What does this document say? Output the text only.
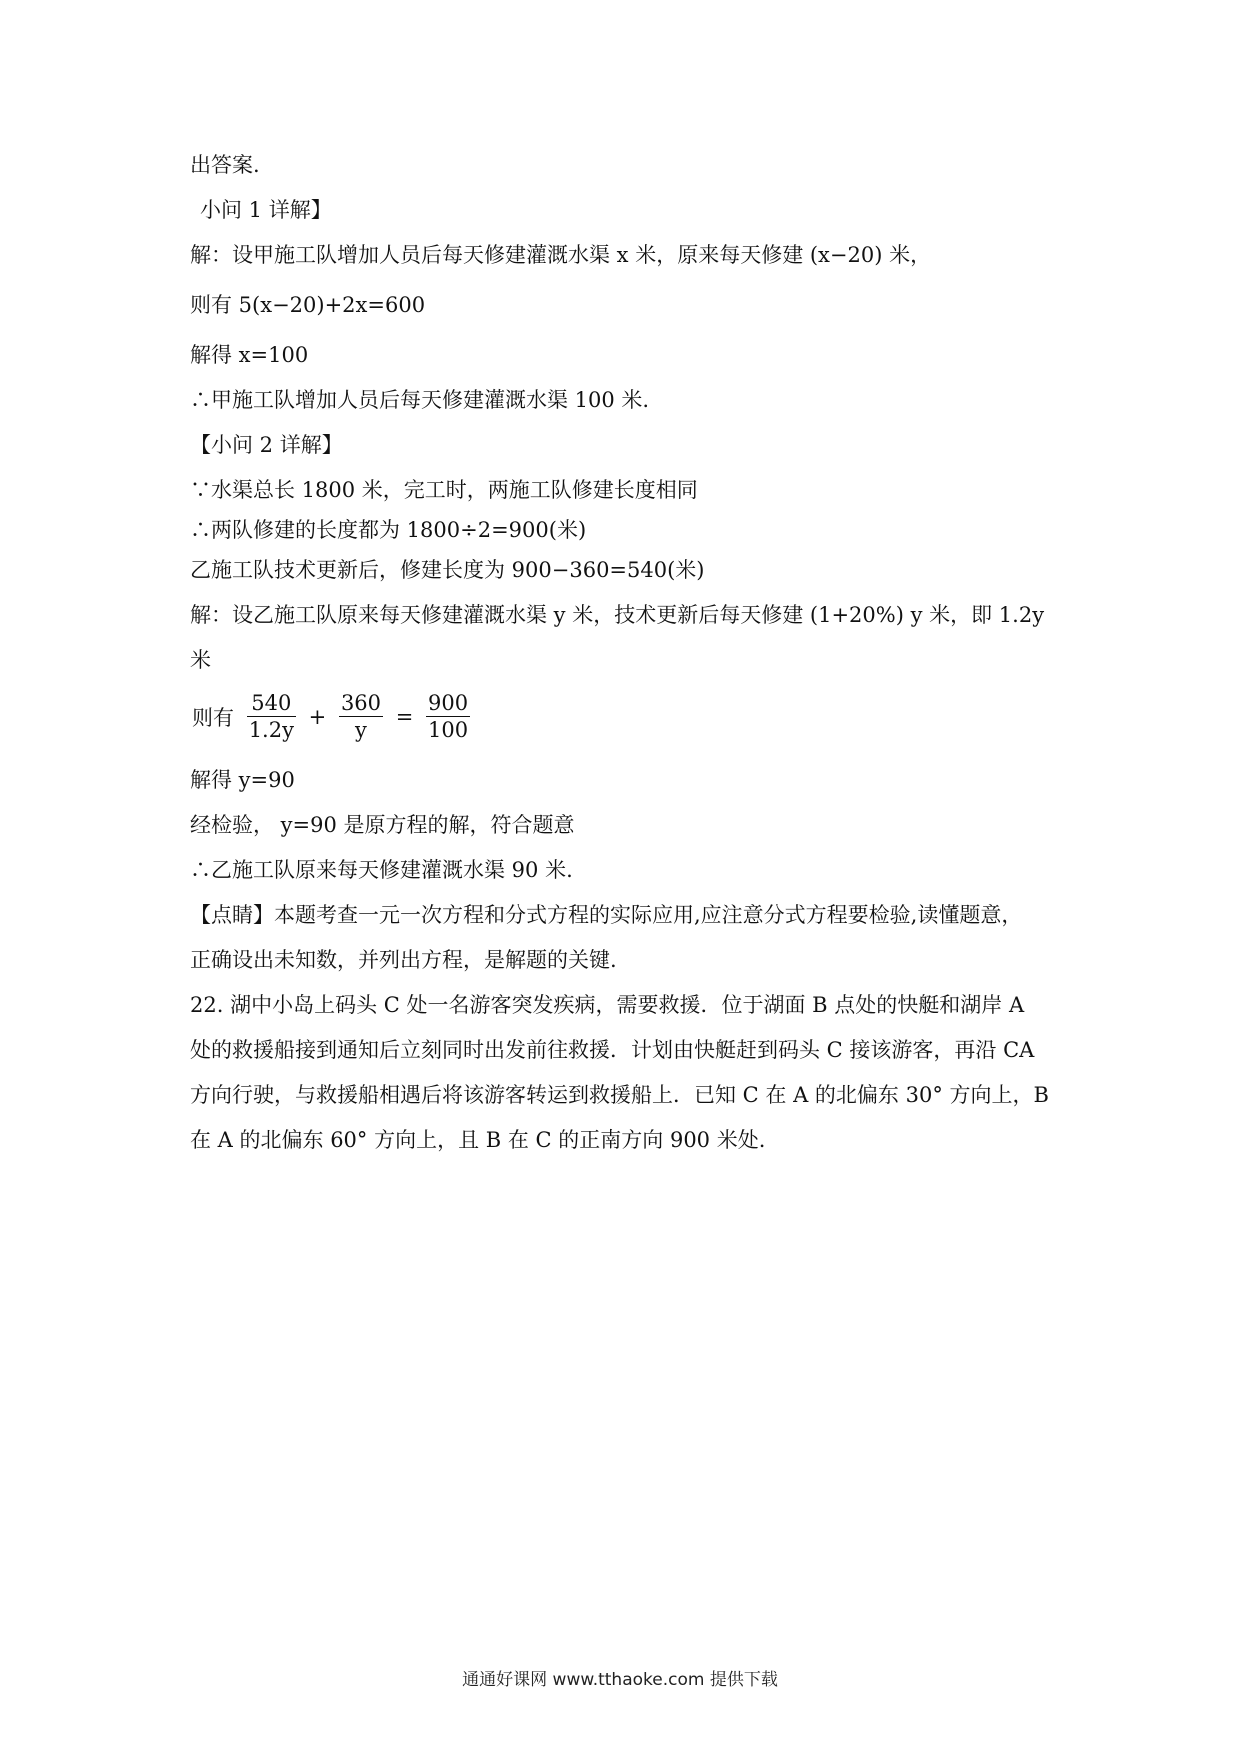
出答案.
小问 1 详解】
解：设甲施工队增加人员后每天修建灌溉水渠 x 米，原来每天修建 (x−20) 米，
则有 5(x−20)+2x=600
解得 x=100
∴甲施工队增加人员后每天修建灌溉水渠 100 米.
【小问 2 详解】
∵水渠总长 1800 米，完工时，两施工队修建长度相同
∴两队修建的长度都为 1800÷2=900(米)
乙施工队技术更新后，修建长度为 900−360=540(米)
解：设乙施工队原来每天修建灌溉水渠 y 米，技术更新后每天修建 (1+20%) y 米，即 1.2y
米
则有 $\frac{540}{1.2y} + \frac{360}{y} = \frac{900}{100}$
解得 y=90
经检验， y=90 是原方程的解，符合题意
∴乙施工队原来每天修建灌溉水渠 90 米.
【点睛】本题考查一元一次方程和分式方程的实际应用,应注意分式方程要检验,读懂题意，
正确设出未知数，并列出方程，是解题的关键.
22. 湖中小岛上码头 C 处一名游客突发疾病，需要救援．位于湖面 B 点处的快艇和湖岸 A
处的救援船接到通知后立刻同时出发前往救援．计划由快艇赶到码头 C 接该游客，再沿 CA
方向行驶，与救援船相遇后将该游客转运到救援船上．已知 C 在 A 的北偏东 30° 方向上，B
在 A 的北偏东 60° 方向上，且 B 在 C 的正南方向 900 米处.
通通好课网 www.tthaoke.com 提供下载
